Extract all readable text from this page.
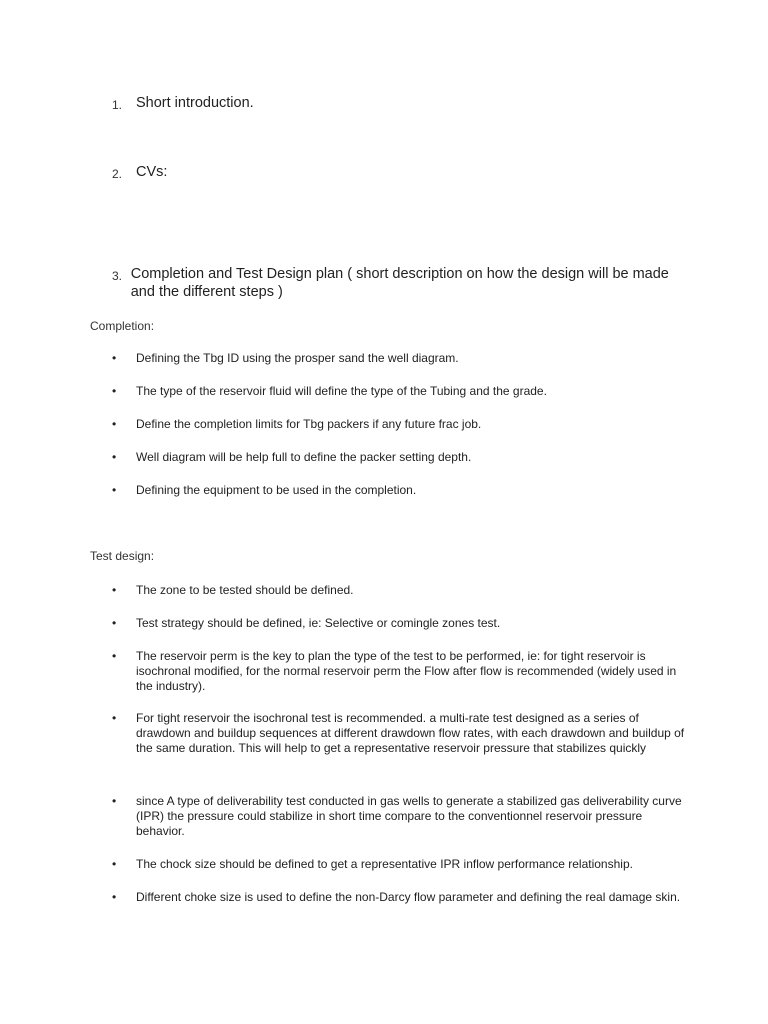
1. Short introduction.
2. CVs:
3. Completion and Test Design plan ( short description on how the design will be made and the different steps )
Completion:
•	Defining the Tbg ID using the prosper sand the well diagram.
•	The type of the reservoir fluid will define the type of the Tubing and the grade.
•	Define the completion limits for Tbg packers if any future frac job.
•	Well diagram will be help full to define the packer setting depth.
•	Defining the equipment to be used in the completion.
Test design:
•	The zone to be tested should be defined.
•	Test strategy should be defined, ie: Selective or comingle zones test.
•	The reservoir perm is the key to plan the type of the test to be performed, ie: for tight reservoir is isochronal modified, for the normal reservoir perm the Flow after flow is recommended (widely used in the industry).
•	For tight reservoir the isochronal test is recommended. a multi-rate test designed as a series of drawdown and buildup sequences at different drawdown flow rates, with each drawdown and buildup of the same duration. This will help to get a representative reservoir pressure that stabilizes quickly
•	since A type of deliverability test conducted in gas wells to generate a stabilized gas deliverability curve (IPR) the pressure could stabilize in short time compare to the conventionnel reservoir pressure behavior.
•	The chock size should be defined to get a representative IPR inflow performance relationship.
•	Different choke size is used to define the non-Darcy flow parameter and defining the real damage skin.
